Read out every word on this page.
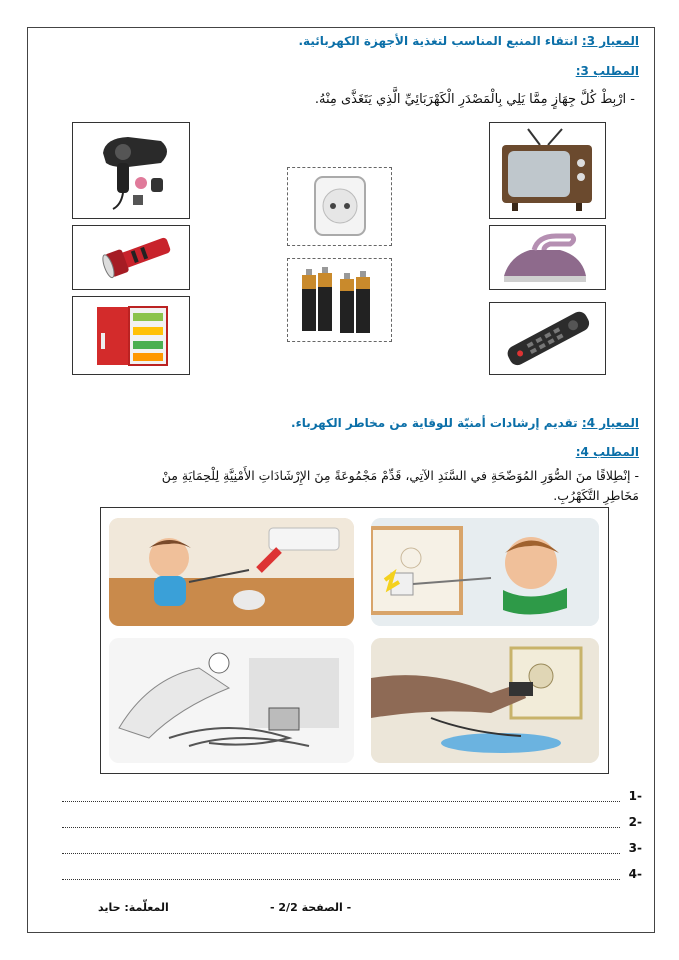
المعيار 3: انتقاء المنبع المناسب لتغذية الأجهزة الكهربائية.
المطلب 3:
- ارْبِطْ كُلَّ جِهَازٍ مِمَّا يَلِي بِالْمَصْدَرِ الْكَهْرَبَائِيِّ الَّذِي يَتَغَذَّى مِنْهُ.
المعيار 4: تقديم إرشادات أمنيّة للوقاية من مخاطر الكهرباء.
المطلب 4:
- إنْطِلاقًا منَ الصُّوَرِ المُوَضّحَةِ في السَّنَدِ الآتِي، قَدِّمْ مَجْمُوعَةً مِنَ الإِرْشَادَاتِ الأَمْنِيَّةِ لِلْحِمَايَةِ مِنْ
مَخَاطِرِ التَّكَهْرُبِ.
-1
-2
-3
-4
- الصفحة 2/2 -
المعلّمة: حايد
